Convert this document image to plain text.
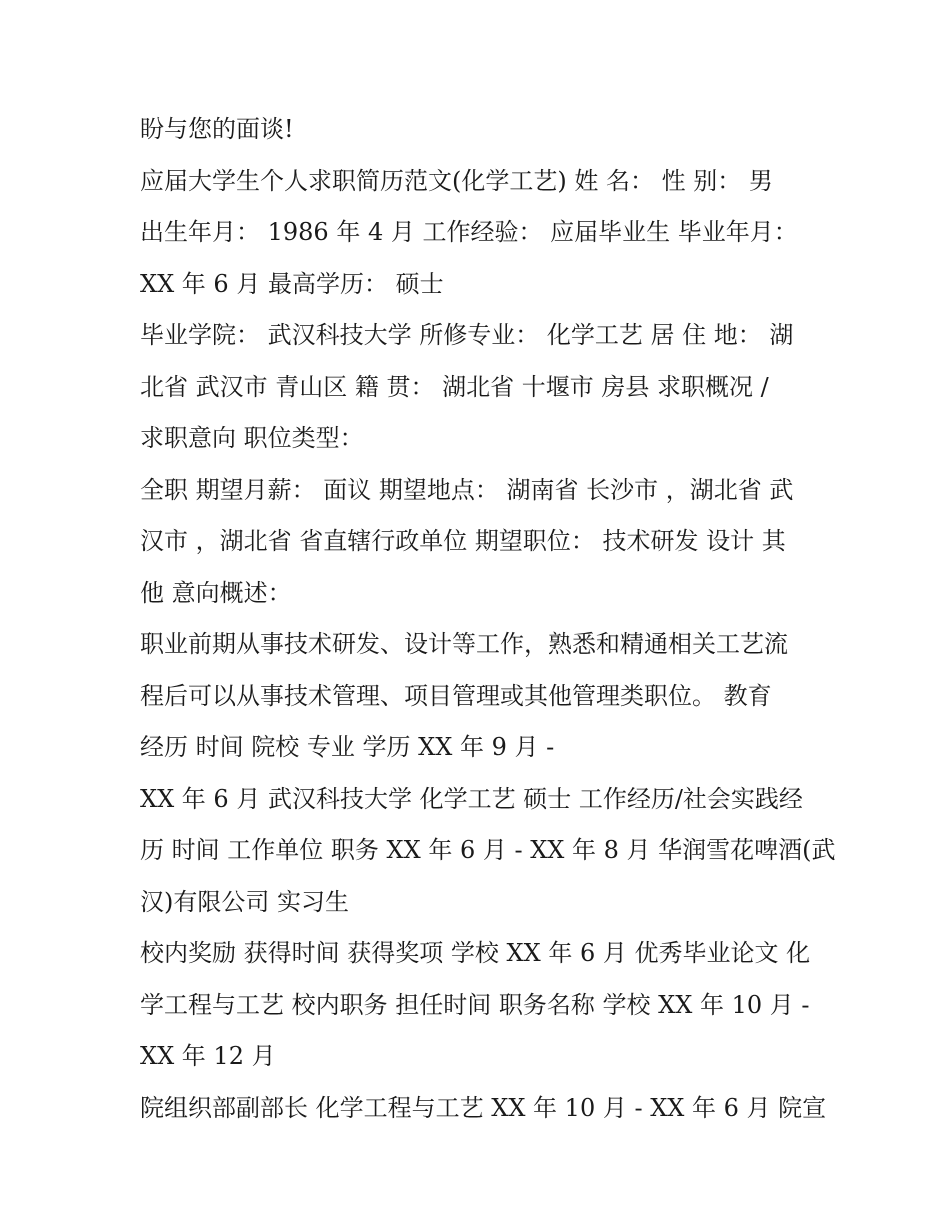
盼与您的面谈!
应届大学生个人求职简历范文(化学工艺) 姓 名： 性 别： 男
出生年月： 1986 年 4 月 工作经验： 应届毕业生 毕业年月：
XX 年 6 月 最高学历： 硕士
毕业学院： 武汉科技大学 所修专业： 化学工艺 居 住 地： 湖
北省 武汉市 青山区 籍 贯： 湖北省 十堰市 房县 求职概况 /
求职意向 职位类型：
全职 期望月薪： 面议 期望地点： 湖南省 长沙市 ，湖北省 武
汉市 ，湖北省 省直辖行政单位 期望职位： 技术研发 设计 其
他 意向概述：
职业前期从事技术研发、设计等工作，熟悉和精通相关工艺流
程后可以从事技术管理、项目管理或其他管理类职位。 教育
经历 时间 院校 专业 学历 XX 年 9 月 -
XX 年 6 月 武汉科技大学 化学工艺 硕士 工作经历/社会实践经
历 时间 工作单位 职务 XX 年 6 月 - XX 年 8 月 华润雪花啤酒(武
汉)有限公司 实习生
校内奖励 获得时间 获得奖项 学校 XX 年 6 月 优秀毕业论文 化
学工程与工艺 校内职务 担任时间 职务名称 学校 XX 年 10 月 -
XX 年 12 月
院组织部副部长 化学工程与工艺 XX 年 10 月 - XX 年 6 月 院宣
